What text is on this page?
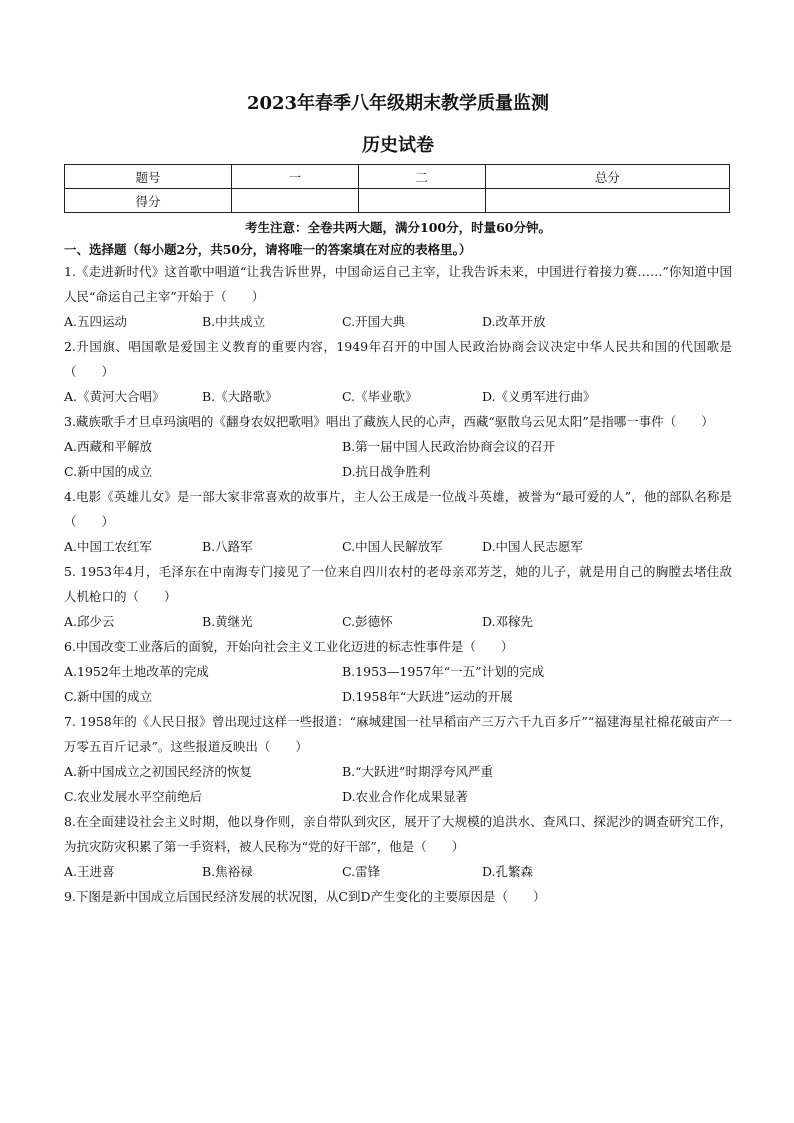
2023年春季八年级期末教学质量监测
历史试卷
题号	一	二	总分
得分			
考生注意：全卷共两大题，满分100分，时量60分钟。
一、选择题（每小题2分，共50分，请将唯一的答案填在对应的表格里。）
1.《走进新时代》这首歌中唱道“让我告诉世界，中国命运自己主宰，让我告诉未来，中国进行着接力赛……”你知道中国人民“命运自己主宰”开始于（　　）
A.五四运动	B.中共成立	C.开国大典	D.改革开放
2.升国旗、唱国歌是爱国主义教育的重要内容，1949年召开的中国人民政治协商会议决定中华人民共和国的代国歌是（　　）
A.《黄河大合唱》	B.《大路歌》	C.《毕业歌》	D.《义勇军进行曲》
3.藏族歌手才旦卓玛演唱的《翻身农奴把歌唱》唱出了藏族人民的心声，西藏“驱散乌云见太阳”是指哪一事件（　　）
A.西藏和平解放	B.第一届中国人民政治协商会议的召开
C.新中国的成立	D.抗日战争胜利
4.电影《英雄儿女》是一部大家非常喜欢的故事片，主人公王成是一位战斗英雄，被誉为“最可爱的人”，他的部队名称是（　　）
A.中国工农红军	B.八路军	C.中国人民解放军	D.中国人民志愿军
5. 1953年4月，毛泽东在中南海专门接见了一位来自四川农村的老母亲邓芳芝，她的儿子，就是用自己的胸膛去堵住敌人机枪口的（　　）
A.邱少云	B.黄继光	C.彭德怀	D.邓稼先
6.中国改变工业落后的面貌，开始向社会主义工业化迈进的标志性事件是（　　）
A.1952年土地改革的完成	B.1953—1957年“一五”计划的完成
C.新中国的成立	D.1958年“大跃进”运动的开展
7. 1958年的《人民日报》曾出现过这样一些报道：“麻城建国一社早稻亩产三万六千九百多斤”“福建海星社棉花破亩产一万零五百斤记录”。这些报道反映出（　　）
A.新中国成立之初国民经济的恢复	B.“大跃进”时期浮夸风严重
C.农业发展水平空前绝后	D.农业合作化成果显著
8.在全面建设社会主义时期，他以身作则，亲自带队到灾区，展开了大规模的追洪水、查风口、探泥沙的调查研究工作，为抗灾防灾积累了第一手资料，被人民称为“党的好干部”，他是（　　）
A.王进喜	B.焦裕禄	C.雷锋	D.孔繁森
9.下图是新中国成立后国民经济发展的状况图，从C到D产生变化的主要原因是（　　）
